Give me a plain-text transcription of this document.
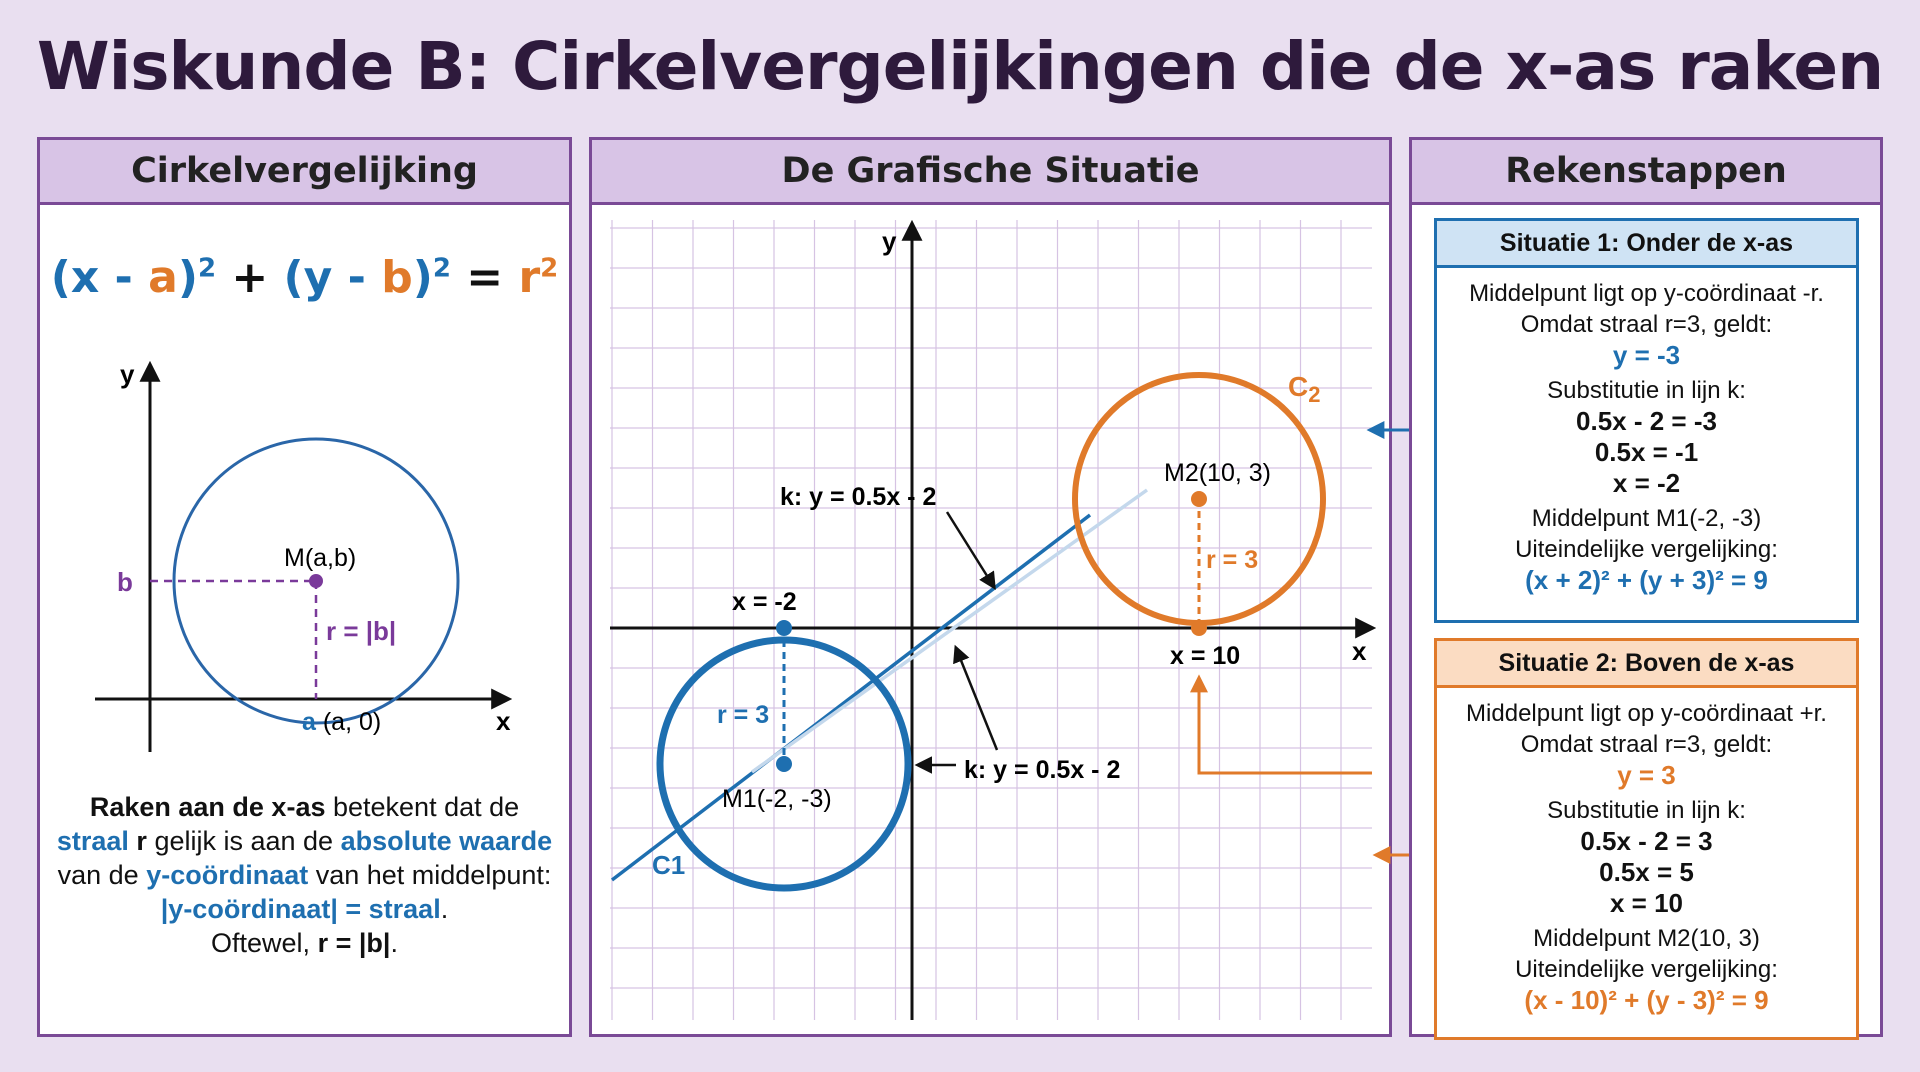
Wiskunde B: Cirkelvergelijkingen die de x-as raken
Cirkelvergelijking
$(x - a)^2 + (y - b)^2 = r^2$
y
x
M(a,b)
b
r = |b|
a (a, 0)
Raken aan de x-as betekent dat de
straal r gelijk is aan de absolute waarde van de y-coördinaat van het middelpunt:
|y-coördinaat| = straal.
Oftewel, r = |b|.
De Grafische Situatie
y
x
C1
$C_2$
M1(-2, -3)
M2(10, 3)
r = 3
r = 3
x = -2
x = 10
k: y = 0.5x - 2
k: y = 0.5x - 2
Rekenstappen
Situatie 1: Onder de x-as
Middelpunt ligt op y-coördinaat -r.
Omdat straal r=3, geldt:
y = -3
Substitutie in lijn k:
0.5x - 2 = -3
0.5x = -1
x = -2
Middelpunt M1(-2, -3)
Uiteindelijke vergelijking:
(x + 2)² + (y + 3)² = 9
Situatie 2: Boven de x-as
Middelpunt ligt op y-coördinaat +r.
Omdat straal r=3, geldt:
y = 3
Substitutie in lijn k:
0.5x - 2 = 3
0.5x = 5
x = 10
Middelpunt M2(10, 3)
Uiteindelijke vergelijking:
(x - 10)² + (y - 3)² = 9
